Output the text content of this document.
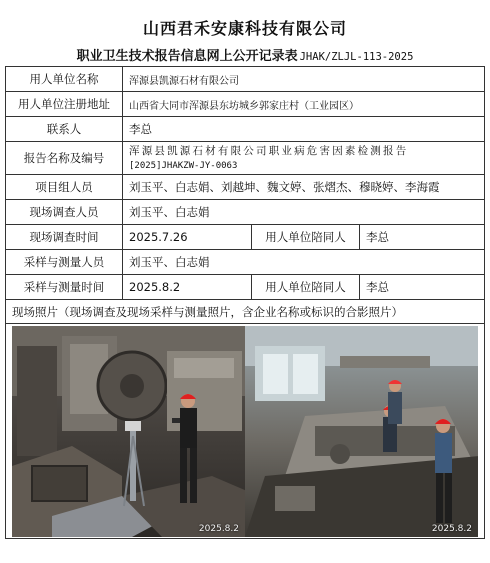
山西君禾安康科技有限公司
职业卫生技术报告信息网上公开记录表 JHAK/ZLJL-113-2025
用人单位名称	浑源县凯源石材有限公司		
用人单位注册地址	山西省大同市浑源县东坊城乡郭家庄村（工业园区）		
联系人	李总		
报告名称及编号	浑源县凯源石材有限公司职业病危害因素检测报告
[2025]JHAKZW-JY-0063		
项目组人员	刘玉平、白志娟、刘越坤、魏文婷、张熠杰、穆晓婷、李海霞		
现场调查人员	刘玉平、白志娟		
现场调查时间	2025.7.26	用人单位陪同人	李总
采样与测量人员	刘玉平、白志娟		
采样与测量时间	2025.8.2	用人单位陪同人	李总
现场照片（现场调查及现场采样与测量照片，含企业名称或标识的合影照片）			

2025.8.2 2025.8.2			
